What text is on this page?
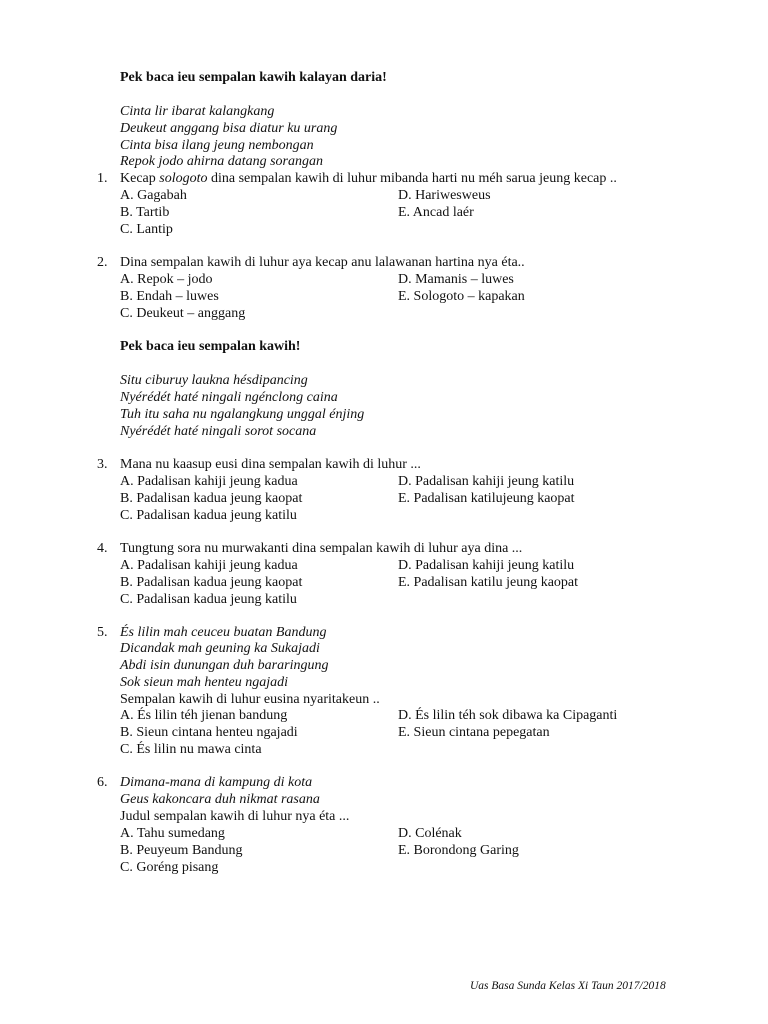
Pek baca ieu sempalan kawih kalayan daria!
Cinta lir ibarat kalangkang
Deukeut anggang bisa diatur ku urang
Cinta bisa ilang jeung nembongan
Repok jodo ahirna datang sorangan
1. Kecap sologoto dina sempalan kawih di luhur mibanda harti nu méh sarua jeung kecap ..
A. Gagabah	D. Hariwesweus
B. Tartib	E. Ancad laér
C. Lantip
2. Dina sempalan kawih di luhur aya kecap anu lalawanan hartina nya éta..
A. Repok – jodo	D. Mamanis – luwes
B. Endah – luwes	E. Sologoto – kapakan
C. Deukeut – anggang
Pek baca ieu sempalan kawih!
Situ ciburuy laukna hésdipancing
Nyérédét haté ningali ngénclong caina
Tuh itu saha nu ngalangkung unggal énjing
Nyérédét haté ningali sorot socana
3. Mana nu kaasup eusi dina sempalan kawih di luhur ...
A. Padalisan kahiji jeung kadua	D. Padalisan kahiji jeung katilu
B. Padalisan kadua jeung kaopat	E. Padalisan katilujeung kaopat
C. Padalisan kadua jeung katilu
4. Tungtung sora nu murwakanti dina sempalan kawih di luhur aya dina ...
A. Padalisan kahiji jeung kadua	D. Padalisan kahiji jeung katilu
B. Padalisan kadua jeung kaopat	E. Padalisan katilu jeung kaopat
C. Padalisan kadua jeung katilu
5. És lilin mah ceuceu buatan Bandung
Dicandak mah geuning ka Sukajadi
Abdi isin dunungan duh bararingung
Sok sieun mah henteu ngajadi
Sempalan kawih di luhur eusina nyaritakeun ..
A. És lilin téh jienan bandung	D. És lilin téh sok dibawa ka Cipaganti
B. Sieun cintana henteu ngajadi	E. Sieun cintana pepegatan
C. És lilin nu mawa cinta
6. Dimana-mana di kampung di kota
Geus kakoncara duh nikmat rasana
Judul sempalan kawih di luhur nya éta ...
A. Tahu sumedang	D. Colénak
B. Peuyeum Bandung	E. Borondong Garing
C. Goréng pisang
Uas Basa Sunda Kelas Xi Taun 2017/2018
